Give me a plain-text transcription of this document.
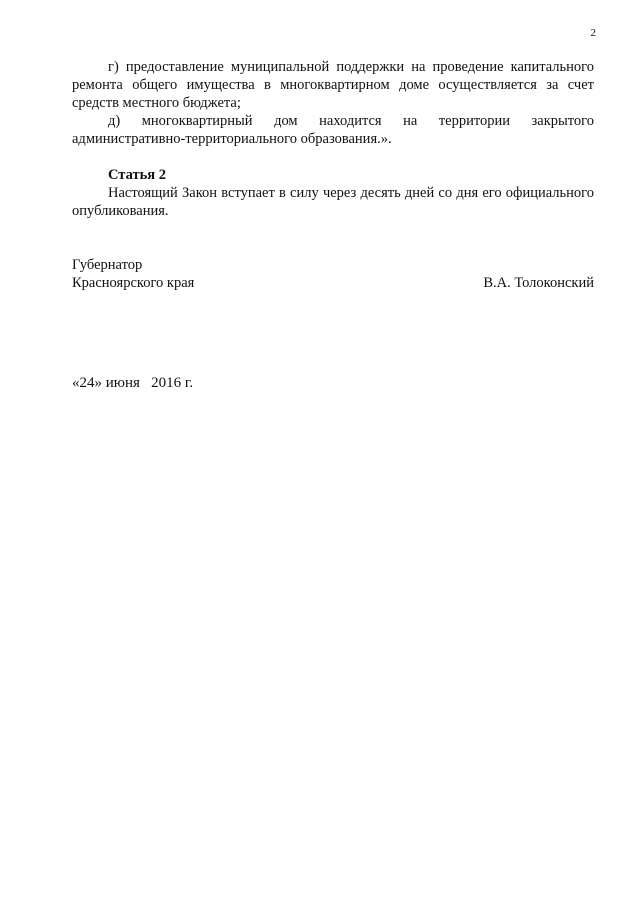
2

г) предоставление муниципальной поддержки на проведение капитального ремонта общего имущества в многоквартирном доме осуществляется за счет средств местного бюджета;

д) многоквартирный дом находится на территории закрытого административно-территориального образования.».

Статья 2

Настоящий Закон вступает в силу через десять дней со дня его официального опубликования.

Губернатор
Красноярского края	В.А. Толоконский
«24» июня   2016 г.
